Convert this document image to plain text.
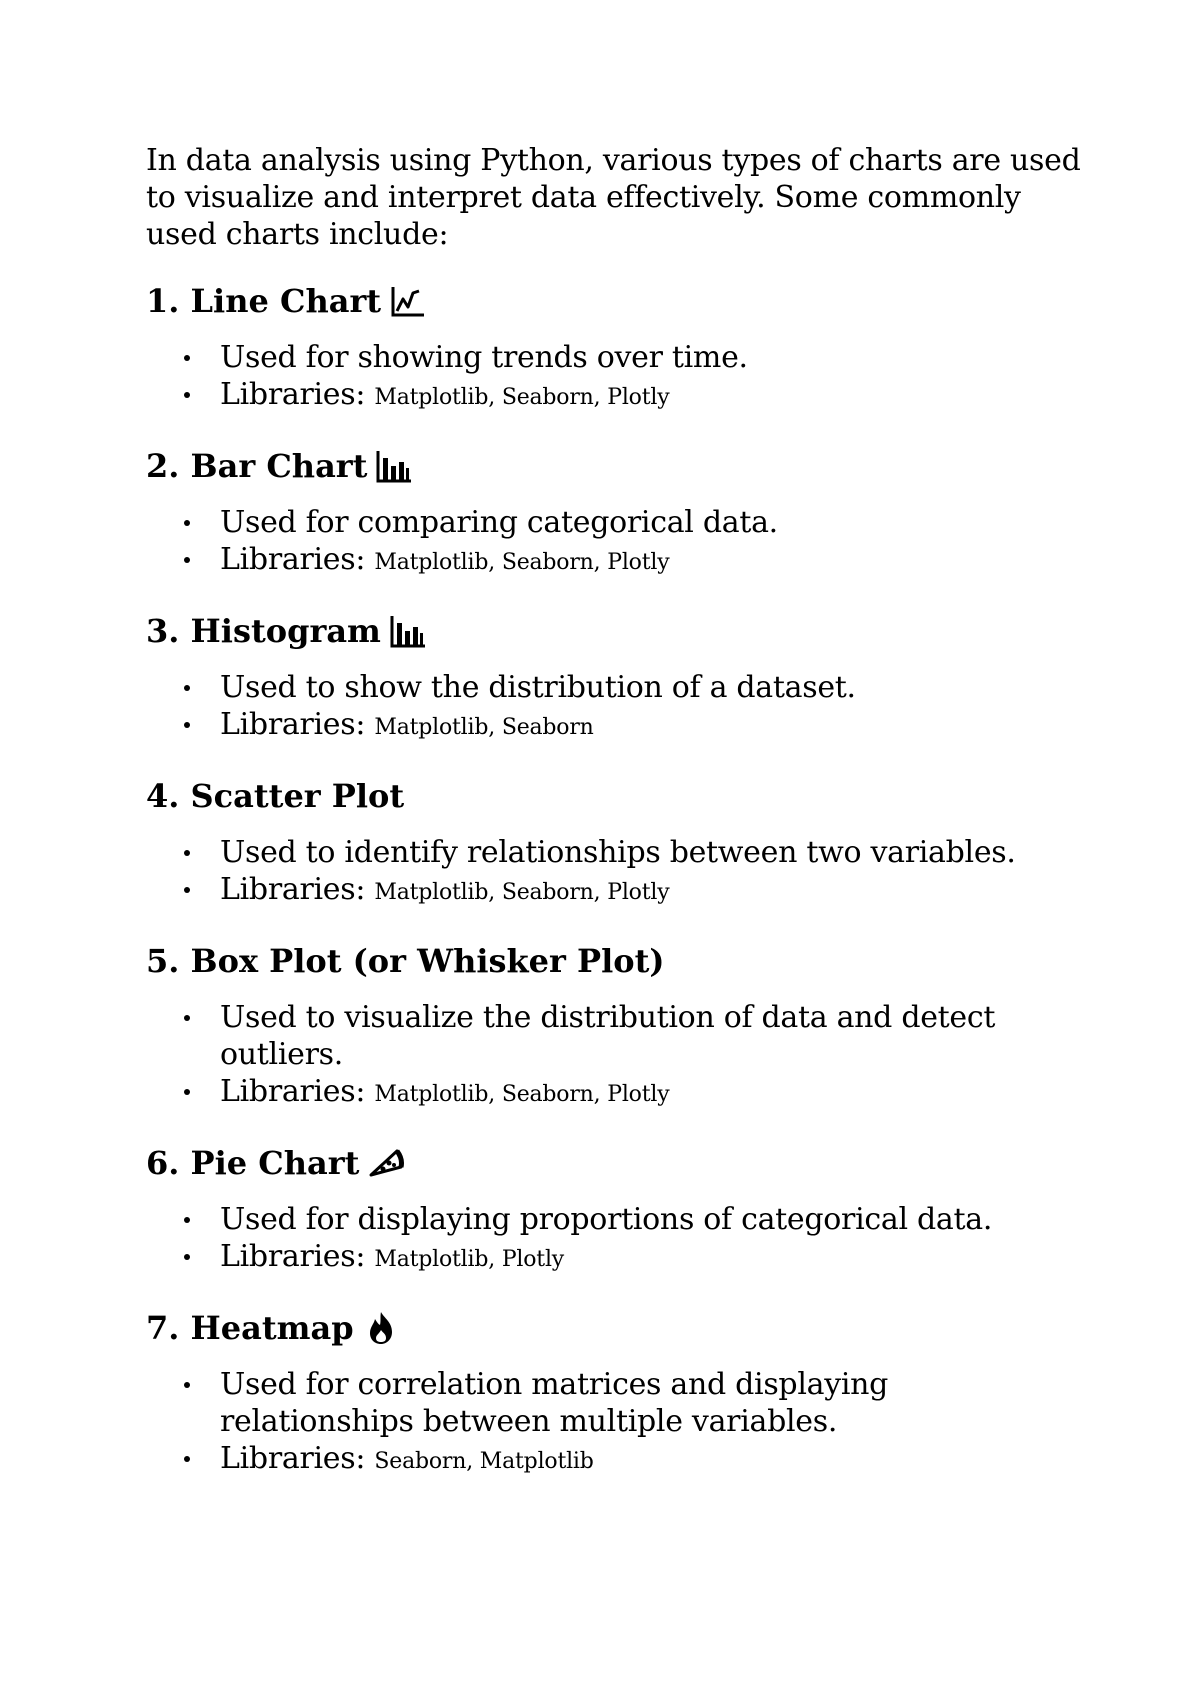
In data analysis using Python, various types of charts are used to visualize and interpret data effectively. Some commonly used charts include:

1. Line Chart
Used for showing trends over time.
Libraries: Matplotlib, Seaborn, Plotly
2. Bar Chart
Used for comparing categorical data.
Libraries: Matplotlib, Seaborn, Plotly
3. Histogram
Used to show the distribution of a dataset.
Libraries: Matplotlib, Seaborn
4. Scatter Plot
Used to identify relationships between two variables.
Libraries: Matplotlib, Seaborn, Plotly
5. Box Plot (or Whisker Plot)
Used to visualize the distribution of data and detect outliers.
Libraries: Matplotlib, Seaborn, Plotly
6. Pie Chart
Used for displaying proportions of categorical data.
Libraries: Matplotlib, Plotly
7. Heatmap
Used for correlation matrices and displaying relationships between multiple variables.
Libraries: Seaborn, Matplotlib
